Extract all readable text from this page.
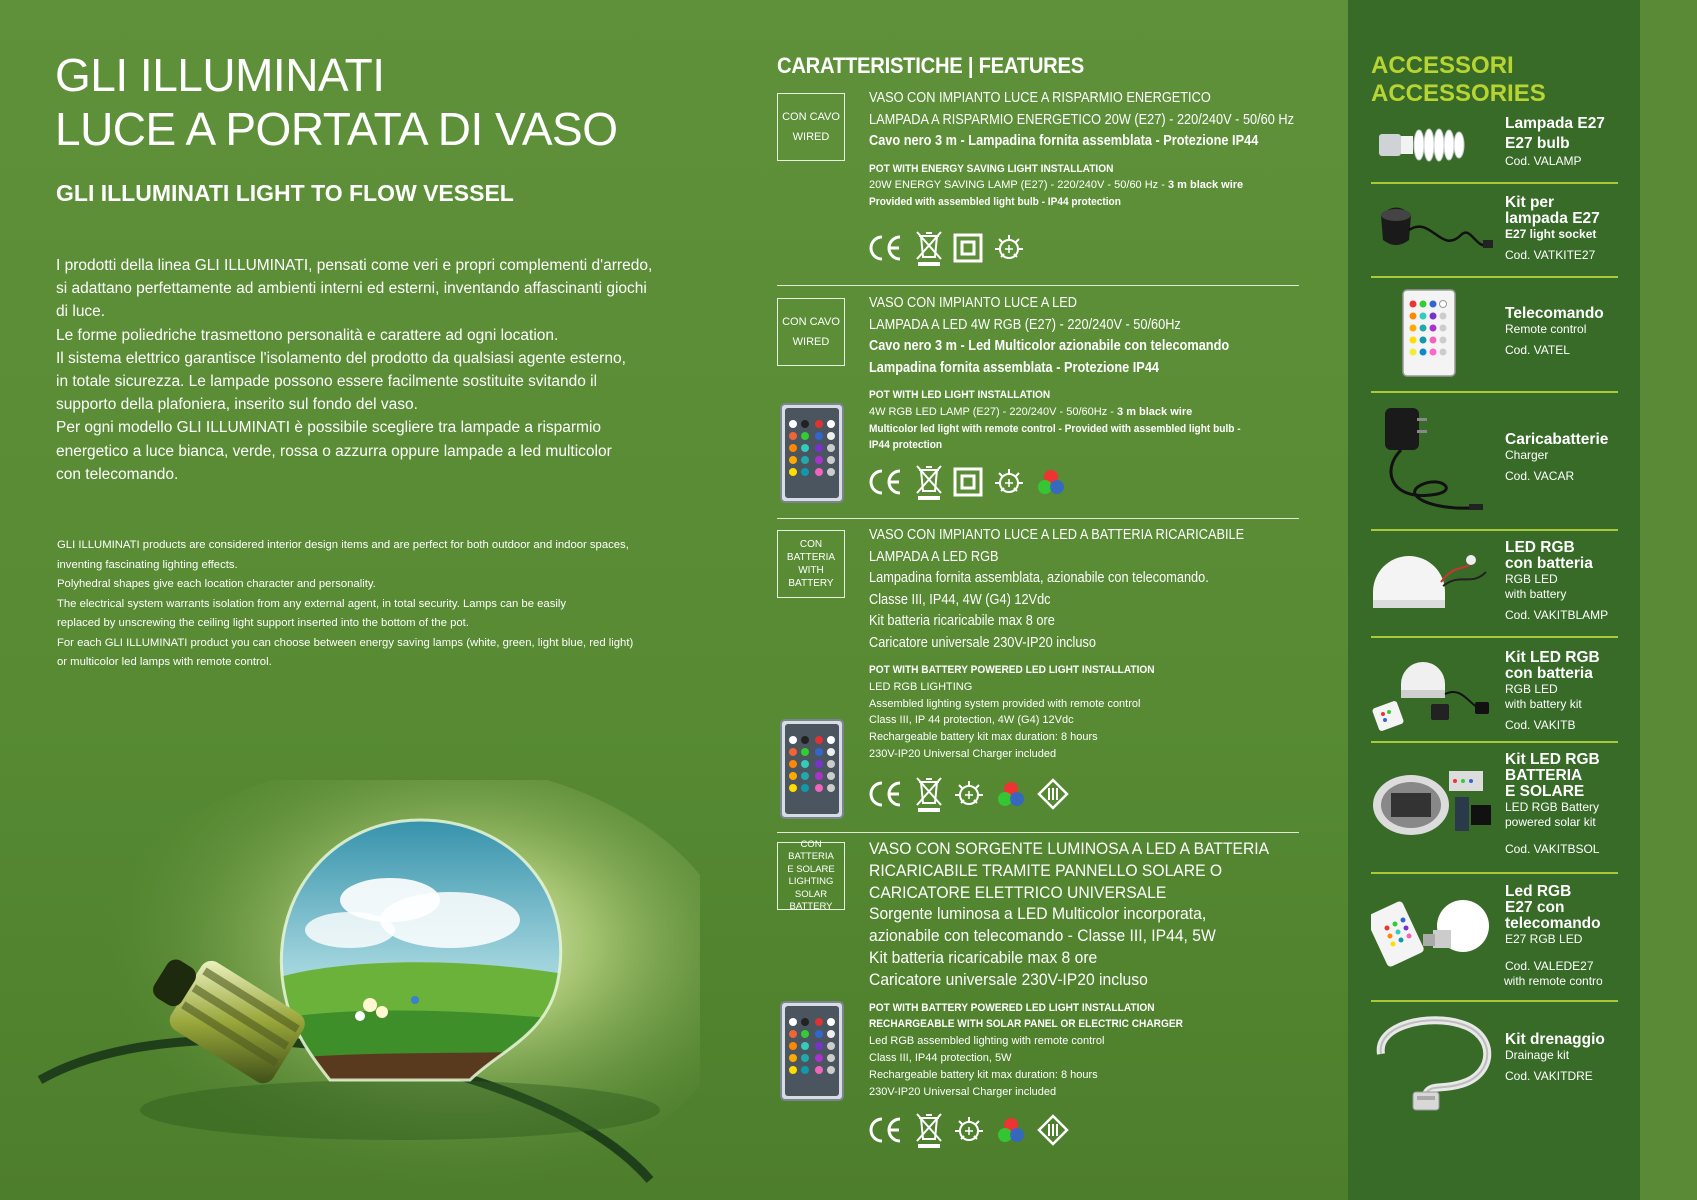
GLI ILLUMINATI
LUCE A PORTATA DI VASO
GLI ILLUMINATI LIGHT TO FLOW VESSEL

I prodotti della linea GLI ILLUMINATI, pensati come veri e propri complementi d'arredo,

si adattano perfettamente ad ambienti interni ed esterni, inventando affascinanti giochi

di luce.

Le forme poliedriche trasmettono personalità e carattere ad ogni location.

Il sistema elettrico garantisce l'isolamento del prodotto da qualsiasi agente esterno,

in totale sicurezza. Le lampade possono essere facilmente sostituite svitando il

supporto della plafoniera, inserito sul fondo del vaso.

Per ogni modello GLI ILLUMINATI è possibile scegliere tra lampade a risparmio

energetico a luce bianca, verde, rossa o azzurra oppure lampade a led multicolor

con telecomando.

GLI ILLUMINATI products are considered interior design items and are perfect for both outdoor and indoor spaces,

inventing fascinating lighting effects.

Polyhedral shapes give each location character and personality.

The electrical system warrants isolation from any external agent, in total security. Lamps can be easily

replaced by unscrewing the ceiling light support inserted into the bottom of the pot.

For each GLI ILLUMINATI product you can choose between energy saving lamps (white, green, light blue, red light)

or multicolor led lamps with remote control.

CARATTERISTICHE | FEATURES
CON CAVO
WIRED
VASO CON IMPIANTO LUCE A RISPARMIO ENERGETICO
LAMPADA A RISPARMIO ENERGETICO 20W (E27) - 220/240V - 50/60 Hz
Cavo nero 3 m - Lampadina fornita assemblata - Protezione IP44
POT WITH ENERGY SAVING LIGHT INSTALLATION
20W ENERGY SAVING LAMP (E27) - 220/240V - 50/60 Hz - 3 m black wire
Provided with assembled light bulb - IP44 protection
CON CAVO
WIRED
VASO CON IMPIANTO LUCE A LED
LAMPADA A LED 4W RGB (E27) - 220/240V - 50/60Hz
Cavo nero 3 m - Led Multicolor azionabile con telecomando
Lampadina fornita assemblata - Protezione IP44
POT WITH LED LIGHT INSTALLATION
4W RGB LED LAMP (E27) - 220/240V - 50/60Hz - 3 m black wire
Multicolor led light with remote control - Provided with assembled light bulb -
IP44 protection
CON BATTERIA
WITH BATTERY
VASO CON IMPIANTO LUCE A LED A BATTERIA RICARICABILE
LAMPADA A LED RGB
Lampadina fornita assemblata, azionabile con telecomando.
Classe III, IP44, 4W (G4) 12Vdc
Kit batteria ricaricabile max 8 ore
Caricatore universale 230V-IP20 incluso
POT WITH BATTERY POWERED LED LIGHT INSTALLATION
LED RGB LIGHTING
Assembled lighting system provided with remote control
Class III, IP 44 protection, 4W (G4) 12Vdc
Rechargeable battery kit max duration: 8 hours
230V-IP20 Universal Charger included
CON BATTERIA
E SOLARE
LIGHTING
SOLAR BATTERY
VASO CON SORGENTE LUMINOSA A LED A BATTERIA
RICARICABILE TRAMITE PANNELLO SOLARE O
CARICATORE ELETTRICO UNIVERSALE
Sorgente luminosa a LED Multicolor incorporata,
azionabile con telecomando - Classe III, IP44, 5W
Kit batteria ricaricabile max 8 ore
Caricatore universale 230V-IP20 incluso
POT WITH BATTERY POWERED LED LIGHT INSTALLATION
RECHARGEABLE WITH SOLAR PANEL OR ELECTRIC CHARGER
Led RGB assembled lighting with remote control
Class III, IP44 protection, 5W
Rechargeable battery kit max duration: 8 hours
230V-IP20 Universal Charger included
ACCESSORI
ACCESSORIES
Lampada E27
E27 bulb
Cod. VALAMP
Kit per
lampada E27
E27 light socket
Cod. VATKITE27
Telecomando
Remote control
Cod. VATEL
Caricabatterie
Charger
Cod. VACAR
LED RGB
con batteria
RGB LED
with battery
Cod. VAKITBLAMP
Kit LED RGB
con batteria
RGB LED
with battery kit
Cod. VAKITB
Kit LED RGB
BATTERIA
E SOLARE
LED RGB Battery
powered solar kit
Cod. VAKITBSOL
Led RGB
E27 con
telecomando
E27 RGB LED
Cod. VALEDE27
with remote contro
Kit drenaggio
Drainage kit
Cod. VAKITDRE
